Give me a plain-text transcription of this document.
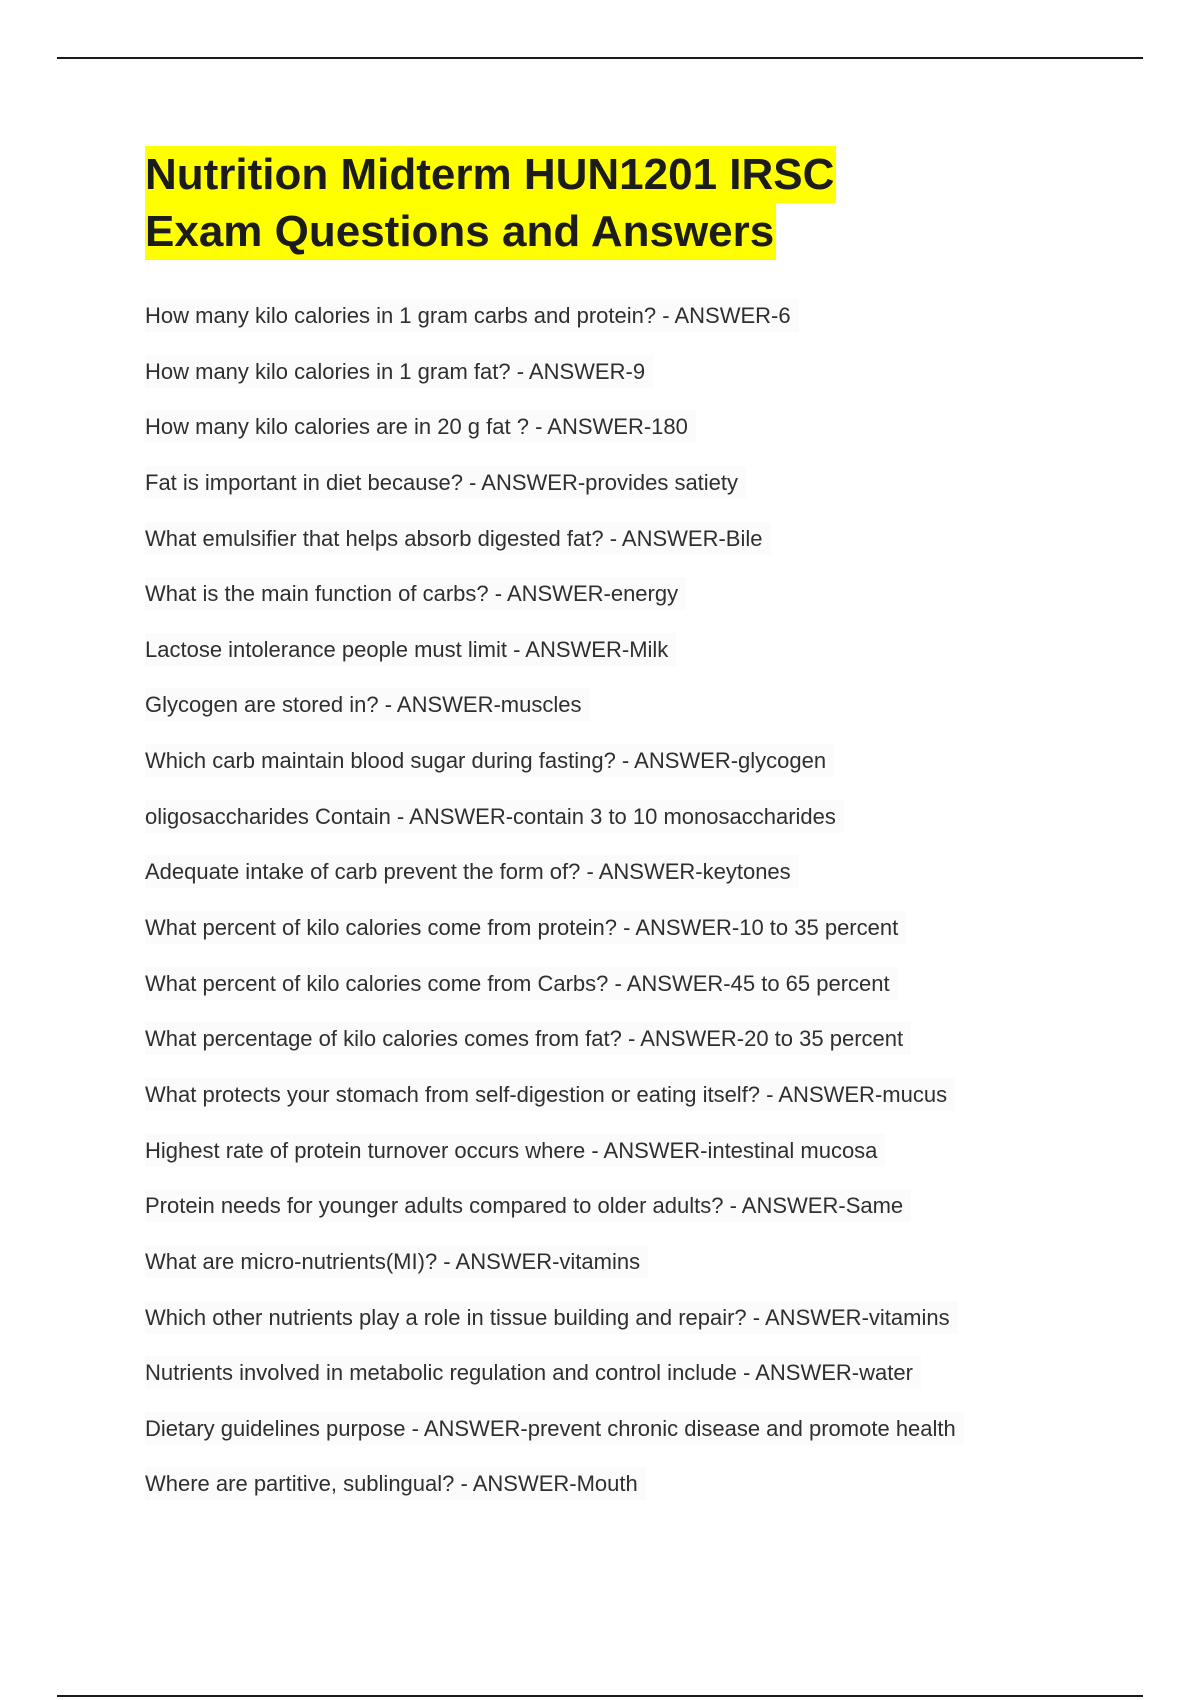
Nutrition Midterm HUN1201 IRSC
Exam Questions and Answers
How many kilo calories in 1 gram carbs and protein? - ANSWER-6
How many kilo calories in 1 gram fat? - ANSWER-9
How many kilo calories are in 20 g fat ? - ANSWER-180
Fat is important in diet because? - ANSWER-provides satiety
What emulsifier that helps absorb digested fat? - ANSWER-Bile
What is the main function of carbs? - ANSWER-energy
Lactose intolerance people must limit - ANSWER-Milk
Glycogen are stored in? - ANSWER-muscles
Which carb maintain blood sugar during fasting? - ANSWER-glycogen
oligosaccharides Contain - ANSWER-contain 3 to 10 monosaccharides
Adequate intake of carb prevent the form of? - ANSWER-keytones
What percent of kilo calories come from protein? - ANSWER-10 to 35 percent
What percent of kilo calories come from Carbs? - ANSWER-45 to 65 percent
What percentage of kilo calories comes from fat? - ANSWER-20 to 35 percent
What protects your stomach from self-digestion or eating itself? - ANSWER-mucus
Highest rate of protein turnover occurs where - ANSWER-intestinal mucosa
Protein needs for younger adults compared to older adults? - ANSWER-Same
What are micro-nutrients(MI)? - ANSWER-vitamins
Which other nutrients play a role in tissue building and repair? - ANSWER-vitamins
Nutrients involved in metabolic regulation and control include - ANSWER-water
Dietary guidelines purpose - ANSWER-prevent chronic disease and promote health
Where are partitive, sublingual? - ANSWER-Mouth
